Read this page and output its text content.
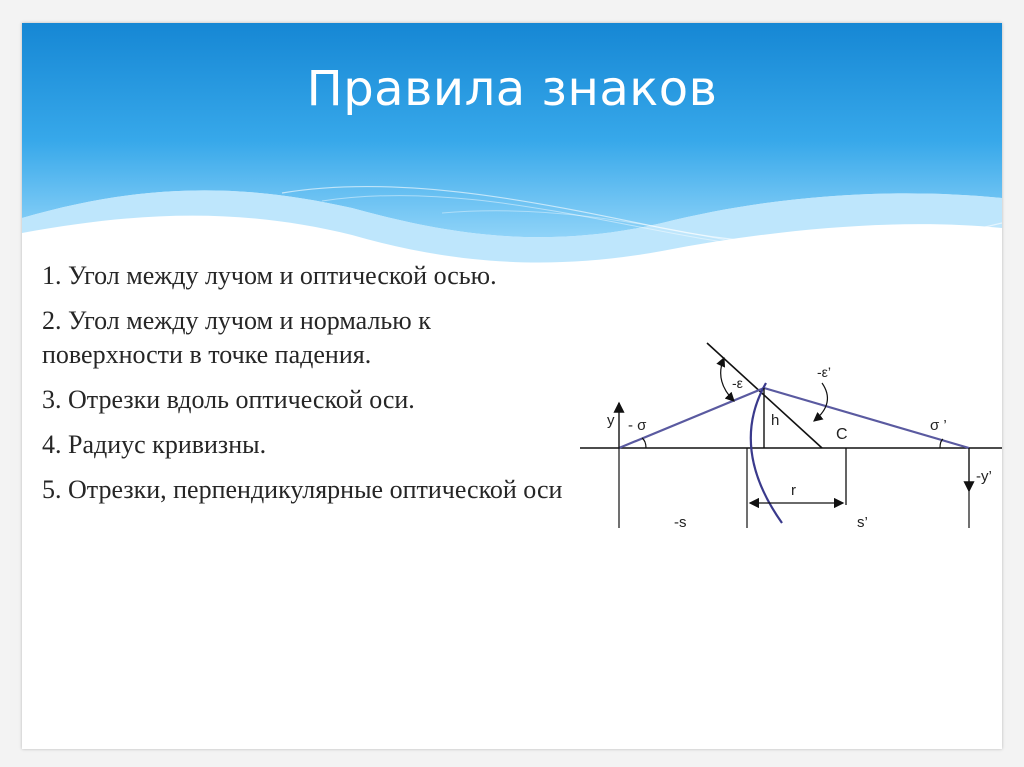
Правила знаков

1. Угол между лучом и оптической осью.

2. Угол между лучом и нормалью к поверхности в точке падения.

3. Отрезки вдоль оптической оси.

4. Радиус кривизны.

5. Отрезки, перпендикулярные оптической оси

y - σ
-ε
-ε’
h
C
σ ’
-y’
r
-s	s’
